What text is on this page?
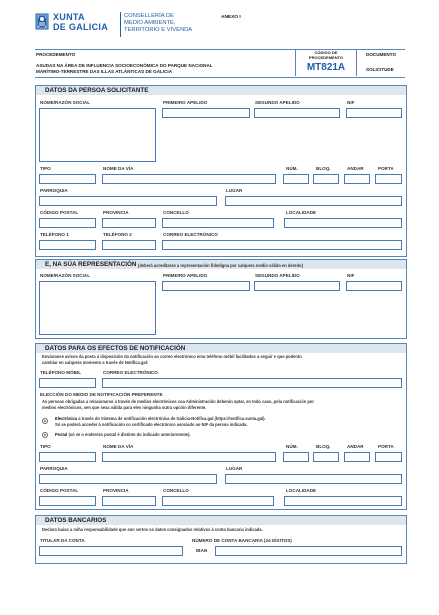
XUNTA
DE GALICIA
CONSELLERÍA DE
MEDIO AMBIENTE,
TERRITORIO E VIVENDA
ANEXO I
PROCEDEMENTO
AXUDAS NA ÁREA DE INFLUENCIA SOCIOECONÓMICA DO PARQUE NACIONAL
MARÍTIMO-TERRESTRE DAS ILLAS ATLÁNTICAS DE GALICIA
CÓDIGO DE
PROCEDEMENTO
MT821A
DOCUMENTO
SOLICITUDE
DATOS DA PERSOA SOLICITANTE
NOME/RAZÓN SOCIAL	PRIMEIRO APELIDO	SEGUNDO APELIDO	NIF
TIPO	NOME DA VÍA	NÚM.	BLOQ.	ANDAR	PORTA
PARROQUIA	LUGAR
CÓDIGO POSTAL	PROVINCIA	CONCELLO	LOCALIDADE
TELÉFONO 1	TELÉFONO 2	CORREO ELECTRÓNICO
E, NA SÚA REPRESENTACIÓN (deberá acreditarse a representación fidedigna por calquera medio válido en dereito)
NOME/RAZÓN SOCIAL	PRIMEIRO APELIDO	SEGUNDO APELIDO	NIF
DATOS PARA OS EFECTOS DE NOTIFICACIÓN
Enviaranse avisos da posta á disposición da notificación ao correo electrónico e/ou teléfono móbil facilitados a seguir e que poderán
cambiar en calquera momento a través de Notifica.gal:
TELÉFONO MÓBIL	CORREO ELECTRÓNICO
ELECCIÓN DO MEDIO DE NOTIFICACIÓN PREFERENTE
As persoas obrigadas a relacionarse a través de medios electrónicos coa Administración deberán optar, en todo caso, pola notificación por
medios electrónicos, sen que sexa válida para eles ningunha outra opción diferente.
Electrónica a través do Sistema de notificación electrónica de Galicia-Notifica.gal (https://notifica.xunta.gal).
Só se poderá acceder á notificación co certificado electrónico asociado ao NIF da persoa indicada.
Postal (só se o enderezo postal é distinto do indicado anteriormente).
TIPO	NOME DA VÍA	NÚM.	BLOQ.	ANDAR	PORTA
PARROQUIA	LUGAR
CÓDIGO POSTAL	PROVINCIA	CONCELLO	LOCALIDADE
DATOS BANCARIOS
Declaro baixo a miña responsabilidade que son certos os datos consignados relativos á conta bancaria indicada.
TITULAR DA CONTA	NÚMERO DE CONTA BANCARIA (24 DÍXITOS)
IBAN
